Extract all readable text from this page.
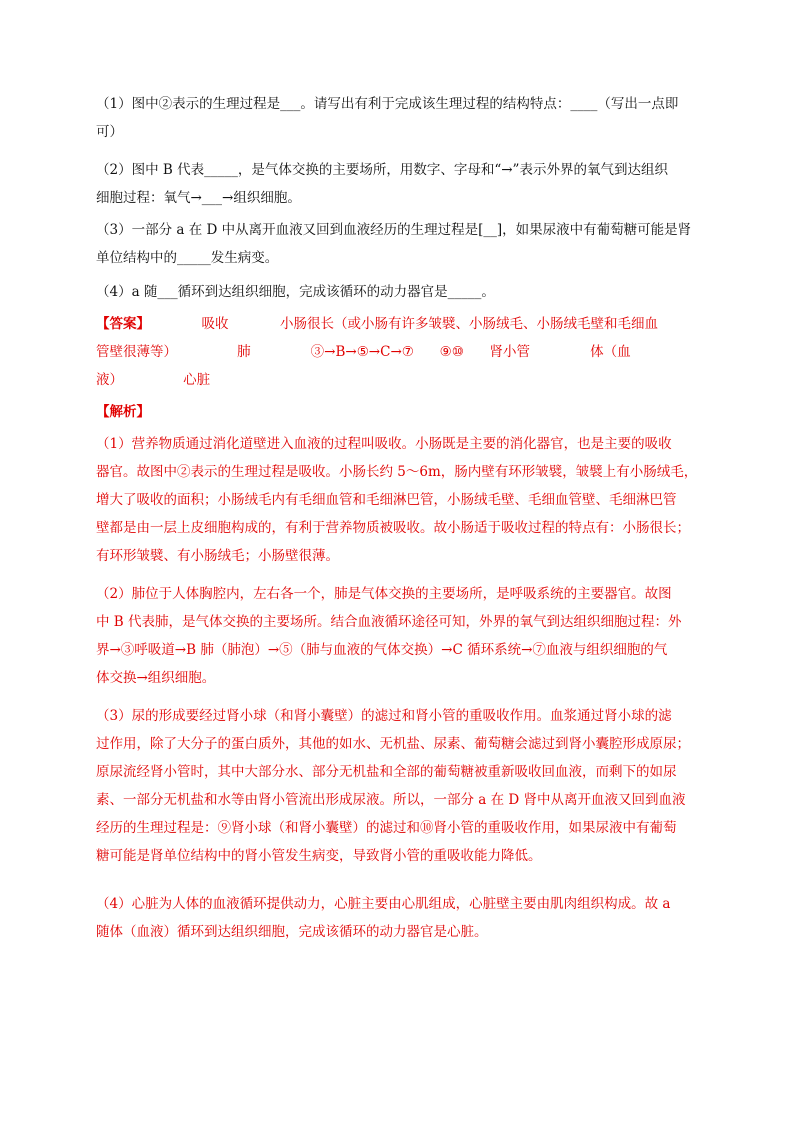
（1）图中②表示的生理过程是___。请写出有利于完成该生理过程的结构特点：____（写出一点即
可）
（2）图中 B 代表_____，是气体交换的主要场所，用数字、字母和“→”表示外界的氧气到达组织
细胞过程：氧气→___→组织细胞。
（3）一部分 a 在 D 中从离开血液又回到血液经历的生理过程是[__]，如果尿液中有葡萄糖可能是肾
单位结构中的_____发生病变。
（4）a 随___循环到达组织细胞，完成该循环的动力器官是_____。
【答案】	吸收            小肠很长（或小肠有许多皱襞、小肠绒毛、小肠绒毛壁和毛细血
管壁很薄等）              肺              ③→B→⑤→C→⑦      ⑨⑩      肾小管              体（血
液）              心脏
【解析】
（1）营养物质通过消化道壁进入血液的过程叫吸收。小肠既是主要的消化器官，也是主要的吸收
器官。故图中②表示的生理过程是吸收。小肠长约 5～6m，肠内壁有环形皱襞，皱襞上有小肠绒毛，
增大了吸收的面积；小肠绒毛内有毛细血管和毛细淋巴管，小肠绒毛壁、毛细血管壁、毛细淋巴管
壁都是由一层上皮细胞构成的，有利于营养物质被吸收。故小肠适于吸收过程的特点有：小肠很长；
有环形皱襞、有小肠绒毛；小肠壁很薄。
（2）肺位于人体胸腔内，左右各一个，肺是气体交换的主要场所，是呼吸系统的主要器官。故图
中 B 代表肺，是气体交换的主要场所。结合血液循环途径可知，外界的氧气到达组织细胞过程：外
界→③呼吸道→B 肺（肺泡）→⑤（肺与血液的气体交换）→C 循环系统→⑦血液与组织细胞的气
体交换→组织细胞。
（3）尿的形成要经过肾小球（和肾小囊壁）的滤过和肾小管的重吸收作用。血浆通过肾小球的滤
过作用，除了大分子的蛋白质外，其他的如水、无机盐、尿素、葡萄糖会滤过到肾小囊腔形成原尿；
原尿流经肾小管时，其中大部分水、部分无机盐和全部的葡萄糖被重新吸收回血液，而剩下的如尿
素、一部分无机盐和水等由肾小管流出形成尿液。所以，一部分 a 在 D 肾中从离开血液又回到血液
经历的生理过程是：⑨肾小球（和肾小囊壁）的滤过和⑩肾小管的重吸收作用，如果尿液中有葡萄
糖可能是肾单位结构中的肾小管发生病变，导致肾小管的重吸收能力降低。
（4）心脏为人体的血液循环提供动力，心脏主要由心肌组成，心脏壁主要由肌肉组织构成。故 a
随体（血液）循环到达组织细胞，完成该循环的动力器官是心脏。
